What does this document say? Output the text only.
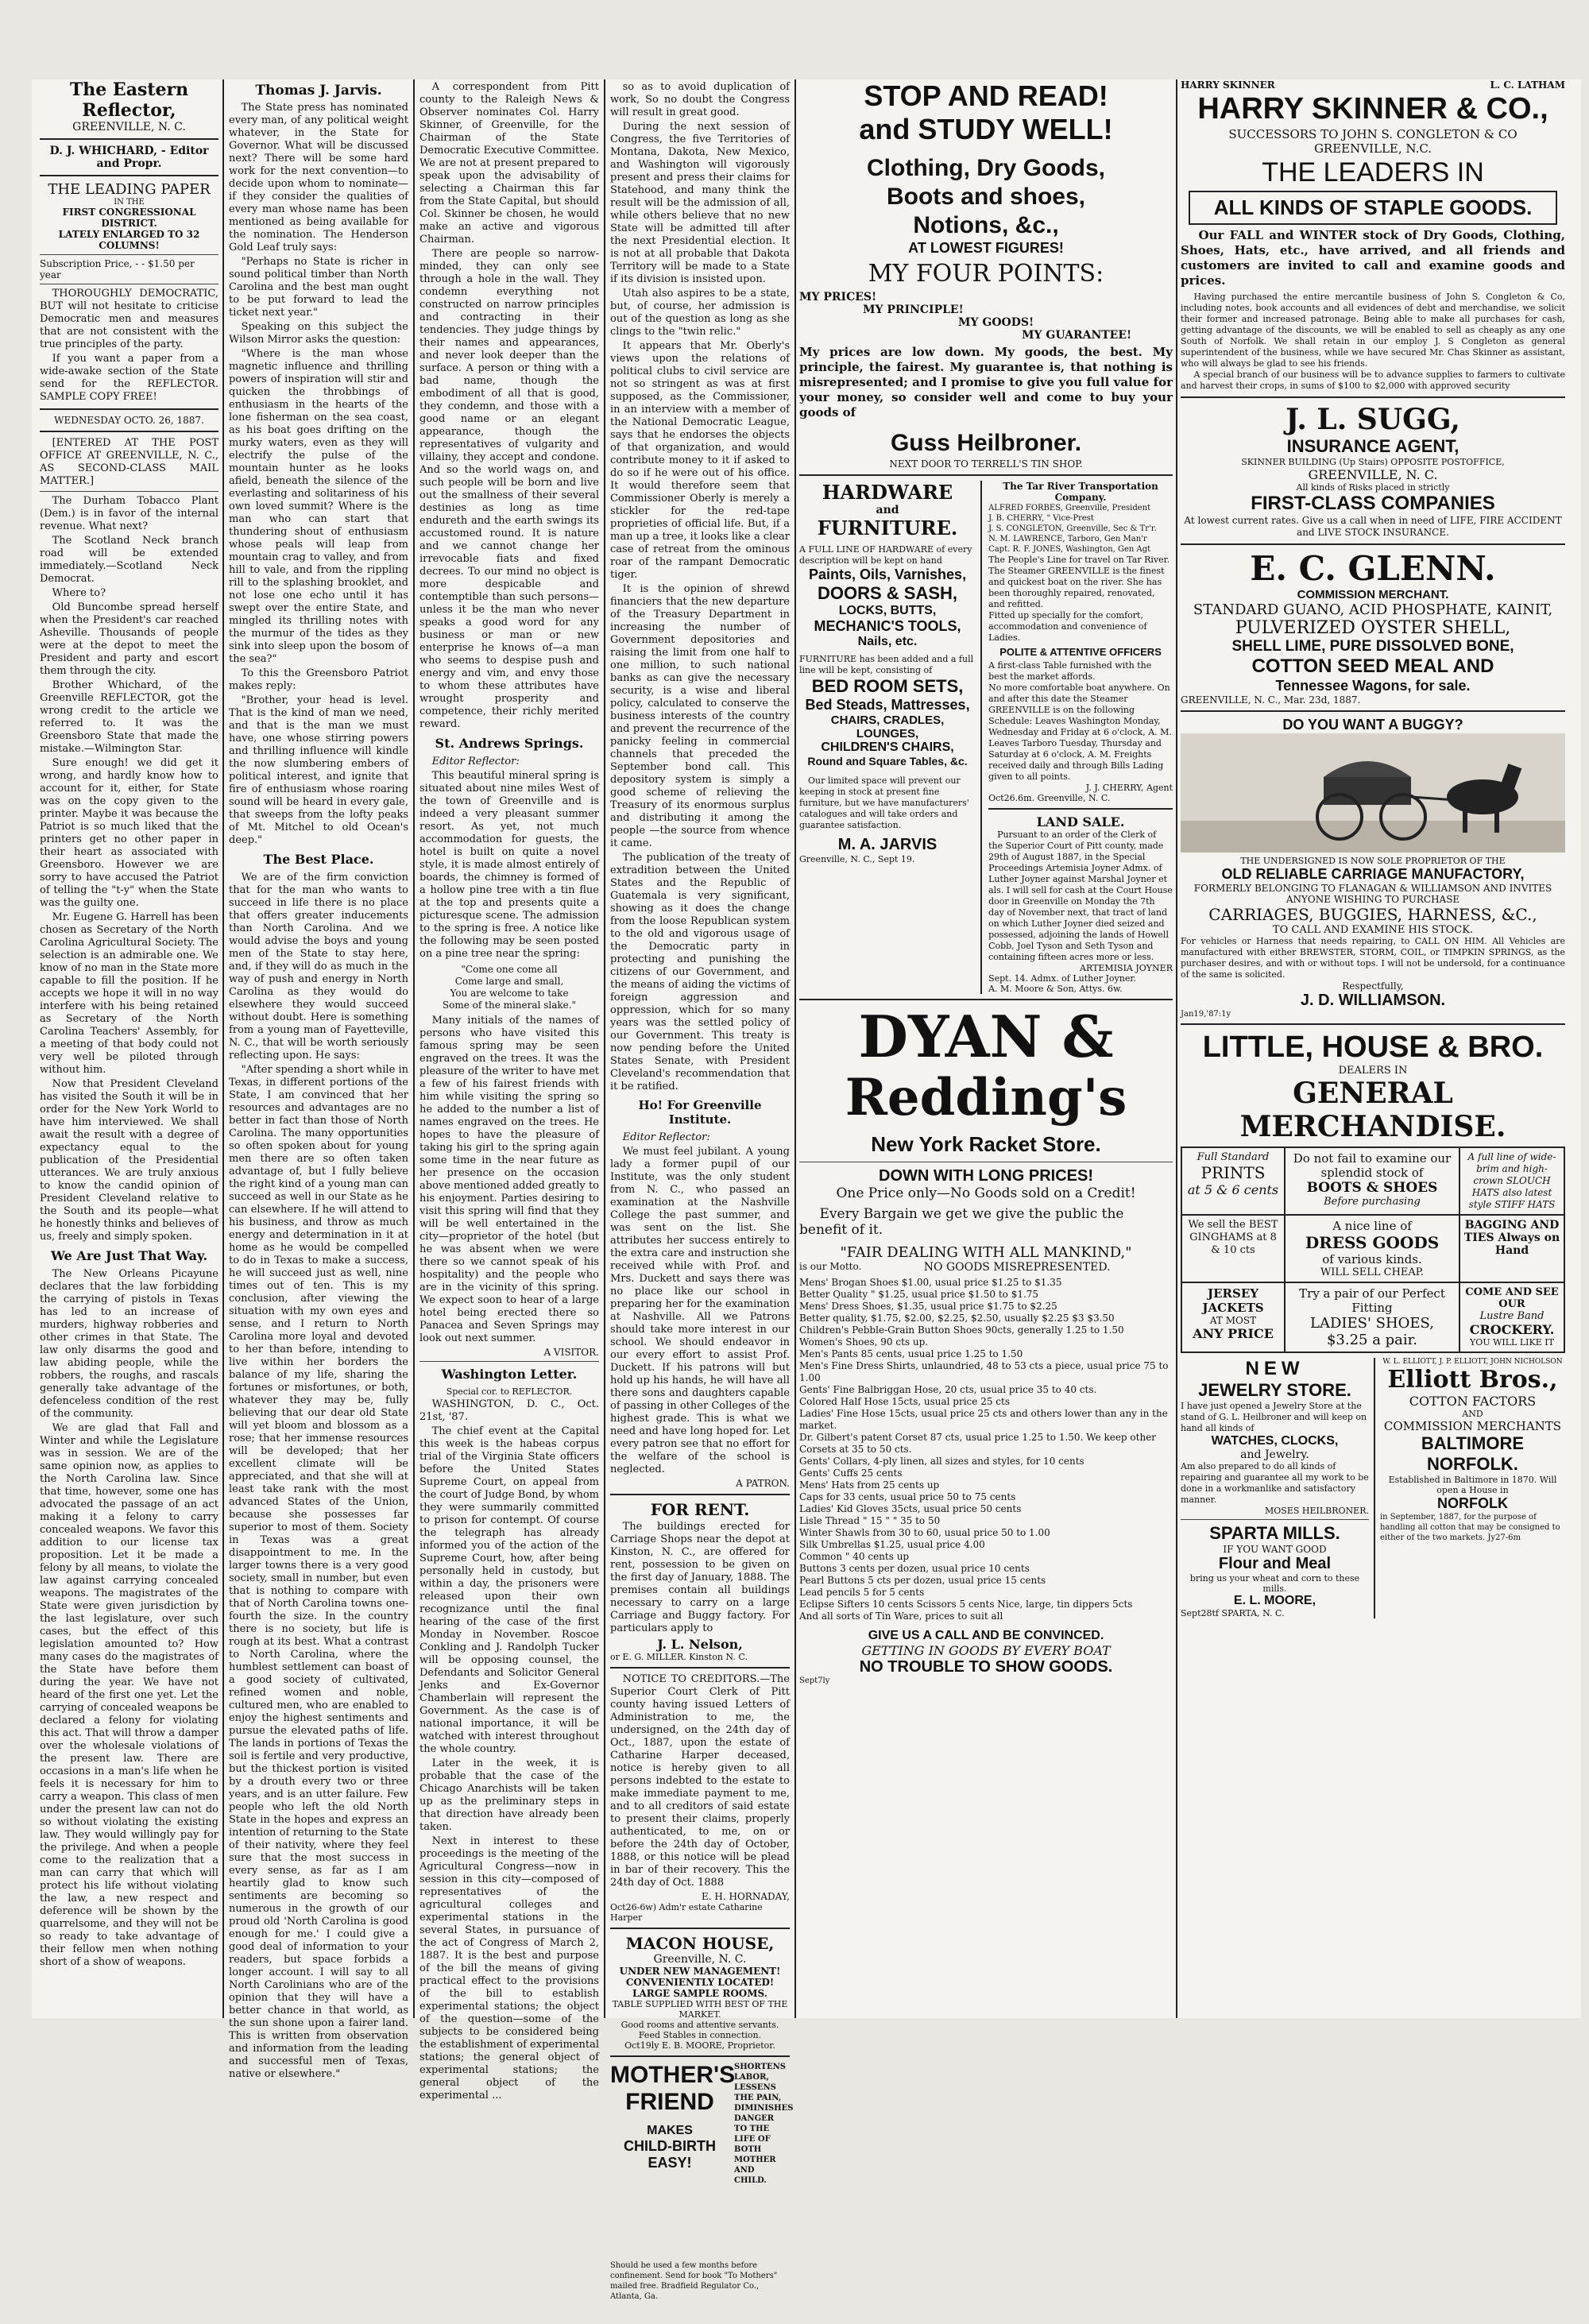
The Eastern Reflector,
GREENVILLE, N. C.
D. J. WHICHARD, - Editor and Propr.
THE LEADING PAPER
IN THE
FIRST CONGRESSIONAL DISTRICT.
LATELY ENLARGED TO 32 COLUMNS!
Subscription Price, - - $1.50 per year

THOROUGHLY DEMOCRATIC, BUT will not hesitate to criticise Democratic men and measures that are not consistent with the true principles of the party.

If you want a paper from a wide-awake section of the State send for the REFLECTOR. SAMPLE COPY FREE!

WEDNESDAY OCTO. 26, 1887.

[ENTERED AT THE POST OFFICE AT GREENVILLE, N. C., AS SECOND-CLASS MAIL MATTER.]

The Durham Tobacco Plant (Dem.) is in favor of the internal revenue. What next?

The Scotland Neck branch road will be extended immediately.—Scotland Neck Democrat.

Where to?

Old Buncombe spread herself when the President's car reached Asheville. Thousands of people were at the depot to meet the President and party and escort them through the city.

Brother Whichard, of the Greenville REFLECTOR, got the wrong credit to the article we referred to. It was the Greensboro State that made the mistake.—Wilmington Star.

Sure enough! we did get it wrong, and hardly know how to account for it, either, for State was on the copy given to the printer. Maybe it was because the Patriot is so much liked that the printers get no other paper in their heart as associated with Greensboro. However we are sorry to have accused the Patriot of telling the "t-y" when the State was the guilty one.

Mr. Eugene G. Harrell has been chosen as Secretary of the North Carolina Agricultural Society. The selection is an admirable one. We know of no man in the State more capable to fill the position. If he accepts we hope it will in no way interfere with his being retained as Secretary of the North Carolina Teachers' Assembly, for a meeting of that body could not very well be piloted through without him.

Now that President Cleveland has visited the South it will be in order for the New York World to have him interviewed. We shall await the result with a degree of expectancy equal to the publication of the Presidential utterances. We are truly anxious to know the candid opinion of President Cleveland relative to the South and its people—what he honestly thinks and believes of us, freely and simply spoken.

We Are Just That Way.

The New Orleans Picayune declares that the law forbidding the carrying of pistols in Texas has led to an increase of murders, highway robberies and other crimes in that State. The law only disarms the good and law abiding people, while the robbers, the roughs, and rascals generally take advantage of the defenceless condition of the rest of the community.

We are glad that Fall and Winter and while the Legislature was in session. We are of the same opinion now, as applies to the North Carolina law. Since that time, however, some one has advocated the passage of an act making it a felony to carry concealed weapons. We favor this addition to our license tax proposition. Let it be made a felony by all means, to violate the law against carrying concealed weapons. The magistrates of the State were given jurisdiction by the last legislature, over such cases, but the effect of this legislation amounted to? How many cases do the magistrates of the State have before them during the year. We have not heard of the first one yet. Let the carrying of concealed weapons be declared a felony for violating this act. That will throw a damper over the wholesale violations of the present law. There are occasions in a man's life when he feels it is necessary for him to carry a weapon. This class of men under the present law can not do so without violating the existing law. They would willingly pay for the privilege. And when a people come to the realization that a man can carry that which will protect his life without violating the law, a new respect and deference will be shown by the quarrelsome, and they will not be so ready to take advantage of their fellow men when nothing short of a show of weapons.

Thomas J. Jarvis.

The State press has nominated every man, of any political weight whatever, in the State for Governor. What will be discussed next? There will be some hard work for the next convention—to decide upon whom to nominate—if they consider the qualities of every man whose name has been mentioned as being available for the nomination. The Henderson Gold Leaf truly says:

"Perhaps no State is richer in sound political timber than North Carolina and the best man ought to be put forward to lead the ticket next year."

Speaking on this subject the Wilson Mirror asks the question:

"Where is the man whose magnetic influence and thrilling powers of inspiration will stir and quicken the throbbings of enthusiasm in the hearts of the lone fisherman on the sea coast, as his boat goes drifting on the murky waters, even as they will electrify the pulse of the mountain hunter as he looks afield, beneath the silence of the everlasting and solitariness of his own loved summit? Where is the man who can start that thundering shout of enthusiasm whose peals will leap from mountain crag to valley, and from hill to vale, and from the rippling rill to the splashing brooklet, and not lose one echo until it has swept over the entire State, and mingled its thrilling notes with the murmur of the tides as they sink into sleep upon the bosom of the sea?"

To this the Greensboro Patriot makes reply:

"Brother, your head is level. That is the kind of man we need, and that is the man we must have, one whose stirring powers and thrilling influence will kindle the now slumbering embers of political interest, and ignite that fire of enthusiasm whose roaring sound will be heard in every gale, that sweeps from the lofty peaks of Mt. Mitchel to old Ocean's deep."

The Best Place.

We are of the firm conviction that for the man who wants to succeed in life there is no place that offers greater inducements than North Carolina. And we would advise the boys and young men of the State to stay here, and, if they will do as much in the way of push and energy in North Carolina as they would do elsewhere they would succeed without doubt. Here is something from a young man of Fayetteville, N. C., that will be worth seriously reflecting upon. He says:

"After spending a short while in Texas, in different portions of the State, I am convinced that her resources and advantages are no better in fact than those of North Carolina. The many opportunities so often spoken about for young men there are so often taken advantage of, but I fully believe the right kind of a young man can succeed as well in our State as he can elsewhere. If he will attend to his business, and throw as much energy and determination in it at home as he would be compelled to do in Texas to make a success, he will succeed just as well, nine times out of ten. This is my conclusion, after viewing the situation with my own eyes and sense, and I return to North Carolina more loyal and devoted to her than before, intending to live within her borders the balance of my life, sharing the fortunes or misfortunes, or both, whatever they may be, fully believing that our dear old State will yet bloom and blossom as a rose; that her immense resources will be developed; that her excellent climate will be appreciated, and that she will at least take rank with the most advanced States of the Union, because she possesses far superior to most of them. Society in Texas was a great disappointment to me. In the larger towns there is a very good society, small in number, but even that is nothing to compare with that of North Carolina towns one-fourth the size. In the country there is no society, but life is rough at its best. What a contrast to North Carolina, where the humblest settlement can boast of a good society of cultivated, refined women and noble, cultured men, who are enabled to enjoy the highest sentiments and pursue the elevated paths of life. The lands in portions of Texas the soil is fertile and very productive, but the thickest portion is visited by a drouth every two or three years, and is an utter failure. Few people who left the old North State in the hopes and express an intention of returning to the State of their nativity, where they feel sure that the most success in every sense, as far as I am heartily glad to know such sentiments are becoming so numerous in the growth of our proud old 'North Carolina is good enough for me.' I could give a good deal of information to your readers, but space forbids a longer account. I will say to all North Carolinians who are of the opinion that they will have a better chance in that world, as the sun shone upon a fairer land. This is written from observation and information from the leading and successful men of Texas, native or elsewhere."

A correspondent from Pitt county to the Raleigh News & Observer nominates Col. Harry Skinner, of Greenville, for the Chairman of the State Democratic Executive Committee. We are not at present prepared to speak upon the advisability of selecting a Chairman this far from the State Capital, but should Col. Skinner be chosen, he would make an active and vigorous Chairman.

There are people so narrow-minded, they can only see through a hole in the wall. They condemn everything not constructed on narrow principles and contracting in their tendencies. They judge things by their names and appearances, and never look deeper than the surface. A person or thing with a bad name, though the embodiment of all that is good, they condemn, and those with a good name or an elegant appearance, though the representatives of vulgarity and villainy, they accept and condone. And so the world wags on, and such people will be born and live out the smallness of their several destinies as long as time endureth and the earth swings its accustomed round. It is nature and we cannot change her irrevocable fiats and fixed decrees. To our mind no object is more despicable and contemptible than such persons—unless it be the man who never speaks a good word for any business or man or new enterprise he knows of—a man who seems to despise push and energy and vim, and envy those to whom these attributes have wrought prosperity and competence, their richly merited reward.

St. Andrews Springs.

Editor Reflector:

This beautiful mineral spring is situated about nine miles West of the town of Greenville and is indeed a very pleasant summer resort. As yet, not much accommodation for guests, the hotel is built on quite a novel style, it is made almost entirely of boards, the chimney is formed of a hollow pine tree with a tin flue at the top and presents quite a picturesque scene. The admission to the spring is free. A notice like the following may be seen posted on a pine tree near the spring:

"Come one come all
Come large and small,
You are welcome to take
Some of the mineral slake."

Many initials of the names of persons who have visited this famous spring may be seen engraved on the trees. It was the pleasure of the writer to have met a few of his fairest friends with him while visiting the spring so he added to the number a list of names engraved on the trees. He hopes to have the pleasure of taking his girl to the spring again some time in the near future as her presence on the occasion above mentioned added greatly to his enjoyment. Parties desiring to visit this spring will find that they will be well entertained in the city—proprietor of the hotel (but he was absent when we were there so we cannot speak of his hospitality) and the people who are in the vicinity of this spring. We expect soon to hear of a large hotel being erected there so Panacea and Seven Springs may look out next summer.

A VISITOR.
Washington Letter.
Special cor. to REFLECTOR.

WASHINGTON, D. C., Oct. 21st, '87.

The chief event at the Capital this week is the habeas corpus trial of the Virginia State officers before the United States Supreme Court, on appeal from the court of Judge Bond, by whom they were summarily committed to prison for contempt. Of course the telegraph has already informed you of the action of the Supreme Court, how, after being personally held in custody, but within a day, the prisoners were released upon their own recognizance until the final hearing of the case of the first Monday in November. Roscoe Conkling and J. Randolph Tucker will be opposing counsel, the Defendants and Solicitor General Jenks and Ex-Governor Chamberlain will represent the Government. As the case is of national importance, it will be watched with interest throughout the whole country.

Later in the week, it is probable that the case of the Chicago Anarchists will be taken up as the preliminary steps in that direction have already been taken.

Next in interest to these proceedings is the meeting of the Agricultural Congress—now in session in this city—composed of representatives of the agricultural colleges and experimental stations in the several States, in pursuance of the act of Congress of March 2, 1887. It is the best and purpose of the bill the means of giving practical effect to the provisions of the bill to establish experimental stations; the object of the question—some of the subjects to be considered being the establishment of experimental stations; the general object of experimental stations; the general object of the experimental ...

so as to avoid duplication of work, So no doubt the Congress will result in great good.

During the next session of Congress, the five Territories of Montana, Dakota, New Mexico, and Washington will vigorously present and press their claims for Statehood, and many think the result will be the admission of all, while others believe that no new State will be admitted till after the next Presidential election. It is not at all probable that Dakota Territory will be made to a State if its division is insisted upon.

Utah also aspires to be a state, but, of course, her admission is out of the question as long as she clings to the "twin relic."

It appears that Mr. Oberly's views upon the relations of political clubs to civil service are not so stringent as was at first supposed, as the Commissioner, in an interview with a member of the National Democratic League, says that he endorses the objects of that organization, and would contribute money to it if asked to do so if he were out of his office. It would therefore seem that Commissioner Oberly is merely a stickler for the red-tape proprieties of official life. But, if a man up a tree, it looks like a clear case of retreat from the ominous roar of the rampant Democratic tiger.

It is the opinion of shrewd financiers that the new departure of the Treasury Department in increasing the number of Government depositories and raising the limit from one half to one million, to such national banks as can give the necessary security, is a wise and liberal policy, calculated to conserve the business interests of the country and prevent the recurrence of the panicky feeling in commercial channels that preceded the September bond call. This depository system is simply a good scheme of relieving the Treasury of its enormous surplus and distributing it among the people —the source from whence it came.

The publication of the treaty of extradition between the United States and the Republic of Guatemala is very significant, showing as it does the change from the loose Republican system to the old and vigorous usage of the Democratic party in protecting and punishing the citizens of our Government, and the means of aiding the victims of foreign aggression and oppression, which for so many years was the settled policy of our Government. This treaty is now pending before the United States Senate, with President Cleveland's recommendation that it be ratified.

Ho! For Greenville Institute.

Editor Reflector:

We must feel jubilant. A young lady a former pupil of our Institute, was the only student from N. C., who passed an examination at the Nashville College the past summer, and was sent on the list. She attributes her success entirely to the extra care and instruction she received while with Prof. and Mrs. Duckett and says there was no place like our school in preparing her for the examination at Nashville. All we Patrons should take more interest in our school. We should endeavor in our every effort to assist Prof. Duckett. If his patrons will but hold up his hands, he will have all there sons and daughters capable of passing in other Colleges of the highest grade. This is what we need and have long hoped for. Let every patron see that no effort for the welfare of the school is neglected.

A PATRON.
FOR RENT.

The buildings erected for Carriage Shops near the depot at Kinston, N. C., are offered for rent, possession to be given on the first day of January, 1888. The premises contain all buildings necessary to carry on a large Carriage and Buggy factory. For particulars apply to

J. L. Nelson,
or E. G. MILLER. Kinston N. C.

NOTICE TO CREDITORS.—The Superior Court Clerk of Pitt county having issued Letters of Administration to me, the undersigned, on the 24th day of Oct., 1887, upon the estate of Catharine Harper deceased, notice is hereby given to all persons indebted to the estate to make immediate payment to me, and to all creditors of said estate to present their claims, properly authenticated, to me, on or before the 24th day of October, 1888, or this notice will be plead in bar of their recovery. This the 24th day of Oct. 1888

E. H. HORNADAY,
Oct26-6w) Adm'r estate Catharine Harper
MACON HOUSE,
Greenville, N. C.
UNDER NEW MANAGEMENT!
CONVENIENTLY LOCATED!
LARGE SAMPLE ROOMS.
TABLE SUPPLIED WITH BEST OF THE MARKET.
Good rooms and attentive servants.
Feed Stables in connection.
Oct19ly E. B. MOORE, Proprietor.
MOTHER'S
FRIEND
MAKES
CHILD-BIRTH
EASY!
SHORTENS LABOR, LESSENS THE PAIN, DIMINISHES DANGER TO THE LIFE OF BOTH MOTHER AND CHILD.
Should be used a few months before confinement. Send for book "To Mothers" mailed free. Bradfield Regulator Co., Atlanta, Ga.
STOP AND READ!
and STUDY WELL!
Clothing, Dry Goods,
Boots and shoes,
Notions, &c.,
AT LOWEST FIGURES!
MY FOUR POINTS:
MY PRICES!
MY PRINCIPLE!
MY GOODS!
MY GUARANTEE!
My prices are low down. My goods, the best. My principle, the fairest. My guarantee is, that nothing is misrepresented; and I promise to give you full value for your money, so consider well and come to buy your goods of
Guss Heilbroner.
NEXT DOOR TO TERRELL'S TIN SHOP.
HARDWARE
and
FURNITURE.
A FULL LINE OF HARDWARE of every description will be kept on hand
Paints, Oils, Varnishes,
DOORS & SASH,
LOCKS, BUTTS,
MECHANIC'S TOOLS,
Nails, etc.
FURNITURE has been added and a full line will be kept, consisting of
BED ROOM SETS,
Bed Steads, Mattresses,
CHAIRS, CRADLES, LOUNGES,
CHILDREN'S CHAIRS,
Round and Square Tables, &c.
Our limited space will prevent our keeping in stock at present fine furniture, but we have manufacturers' catalogues and will take orders and guarantee satisfaction.
M. A. JARVIS
Greenville, N. C., Sept 19.
The Tar River Transportation Company.
ALFRED FORBES, Greenville, President
J. B. CHERRY, " Vice-Prest
J. S. CONGLETON, Greenville, Sec & Tr'r.
N. M. LAWRENCE, Tarboro, Gen Man'r
Capt. R. F. JONES, Washington, Gen Agt
The People's Line for travel on Tar River.
The Steamer GREENVILLE is the finest and quickest boat on the river. She has been thoroughly repaired, renovated, and refitted.
Fitted up specially for the comfort, accommodation and convenience of Ladies.
POLITE & ATTENTIVE OFFICERS
A first-class Table furnished with the best the market affords.
No more comfortable boat anywhere. On and after this date the Steamer GREENVILLE is on the following Schedule: Leaves Washington Monday, Wednesday and Friday at 6 o'clock, A. M. Leaves Tarboro Tuesday, Thursday and Saturday at 6 o'clock, A. M. Freights received daily and through Bills Lading given to all points.
J. J. CHERRY, Agent
Oct26.6m. Greenville, N. C.
LAND SALE.
Pursuant to an order of the Clerk of the Superior Court of Pitt county, made 29th of August 1887, in the Special Proceedings Artemisia Joyner Admx. of Luther Joyner against Marshal Joyner et als. I will sell for cash at the Court House door in Greenville on Monday the 7th day of November next, that tract of land on which Luther Joyner died seized and possessed, adjoining the lands of Howell Cobb, Joel Tyson and Seth Tyson and containing fifteen acres more or less.
ARTEMISIA JOYNER
Sept. 14. Admx. of Luther Joyner.
A. M. Moore & Son, Attys. 6w.
DYAN &
Redding's
New York Racket Store.
DOWN WITH LONG PRICES!
One Price only—No Goods sold on a Credit!
Every Bargain we get we give the public the benefit of it.
"FAIR DEALING WITH ALL MANKIND,"
is our Motto.	NO GOODS MISREPRESENTED.
Mens' Brogan Shoes $1.00, usual price $1.25 to $1.35
Better Quality " $1.25, usual price $1.50 to $1.75
Mens' Dress Shoes, $1.35, usual price $1.75 to $2.25
Better quality, $1.75, $2.00, $2.25, $2.50, usually $2.25 $3 $3.50
Children's Pebble-Grain Button Shoes 90cts, generally 1.25 to 1.50
Women's Shoes, 90 cts up.
Men's Pants 85 cents, usual price 1.25 to 1.50
Men's Fine Dress Shirts, unlaundried, 48 to 53 cts a piece, usual price 75 to 1.00
Gents' Fine Balbriggan Hose, 20 cts, usual price 35 to 40 cts.
Colored Half Hose 15cts, usual price 25 cts
Ladies' Fine Hose 15cts, usual price 25 cts and others lower than any in the market.
Dr. Gilbert's patent Corset 87 cts, usual price 1.25 to 1.50. We keep other Corsets at 35 to 50 cts.
Gents' Collars, 4-ply linen, all sizes and styles, for 10 cents
Gents' Cuffs 25 cents
Mens' Hats from 25 cents up
Caps for 33 cents, usual price 50 to 75 cents
Ladies' Kid Gloves 35cts, usual price 50 cents
Lisle Thread " 15 " " 35 to 50
Winter Shawls from 30 to 60, usual price 50 to 1.00
Silk Umbrellas $1.25, usual price 4.00
Common " 40 cents up
Buttons 3 cents per dozen, usual price 10 cents
Pearl Buttons 5 cts per dozen, usual price 15 cents
Lead pencils 5 for 5 cents
Eclipse Sifters 10 cents Scissors 5 cents Nice, large, tin dippers 5cts
And all sorts of Tin Ware, prices to suit all
GIVE US A CALL AND BE CONVINCED.
GETTING IN GOODS BY EVERY BOAT
NO TROUBLE TO SHOW GOODS.
Sept7ly
HARRY SKINNER	L. C. LATHAM
HARRY SKINNER & CO.,
SUCCESSORS TO JOHN S. CONGLETON & CO
GREENVILLE, N.C.
THE LEADERS IN
ALL KINDS OF STAPLE GOODS.
Our FALL and WINTER stock of Dry Goods, Clothing, Shoes, Hats, etc., have arrived, and all friends and customers are invited to call and examine goods and prices.
Having purchased the entire mercantile business of John S. Congleton & Co, including notes, book accounts and all evidences of debt and merchandise, we solicit their former and increased patronage. Being able to make all purchases for cash, getting advantage of the discounts, we will be enabled to sell as cheaply as any one South of Norfolk. We shall retain in our employ J. S Congleton as general superintendent of the business, while we have secured Mr. Chas Skinner as assistant, who will always be glad to see his friends.
A special branch of our business will be to advance supplies to farmers to cultivate and harvest their crops, in sums of $100 to $2,000 with approved security
J. L. SUGG,
INSURANCE AGENT,
SKINNER BUILDING (Up Stairs) OPPOSITE POSTOFFICE,
GREENVILLE, N. C.
All kinds of Risks placed in strictly
FIRST-CLASS COMPANIES
At lowest current rates. Give us a call when in need of LIFE, FIRE ACCIDENT and LIVE STOCK INSURANCE.
E. C. GLENN.
COMMISSION MERCHANT.
STANDARD GUANO, ACID PHOSPHATE, KAINIT,
PULVERIZED OYSTER SHELL,
SHELL LIME, PURE DISSOLVED BONE,
COTTON SEED MEAL AND
Tennessee Wagons, for sale.
GREENVILLE, N. C., Mar. 23d, 1887.
DO YOU WANT A BUGGY?
THE UNDERSIGNED IS NOW SOLE PROPRIETOR OF THE
OLD RELIABLE CARRIAGE MANUFACTORY,
FORMERLY BELONGING TO FLANAGAN & WILLIAMSON AND INVITES ANYONE WISHING TO PURCHASE
CARRIAGES, BUGGIES, HARNESS, &C.,
TO CALL AND EXAMINE HIS STOCK.
For vehicles or Harness that needs repairing, to CALL ON HIM. All Vehicles are manufactured with either BREWSTER, STORM, COIL, or TIMPKIN SPRINGS, as the purchaser desires, and with or without tops. I will not be undersold, for a continuance of the same is solicited.
Respectfully,
J. D. WILLIAMSON.
Jan19,'87:1y
LITTLE, HOUSE & BRO.
DEALERS IN
GENERAL MERCHANDISE.
Full Standard
PRINTS
at 5 & 6 cents
Do not fail to examine our splendid stock of
BOOTS & SHOES
Before purchasing
A full line of wide-brim and high-crown SLOUCH HATS also latest style STIFF HATS
We sell the BEST GINGHAMS at 8 & 10 cts
A nice line of
DRESS GOODS
of various kinds.
WILL SELL CHEAP.
BAGGING AND TIES Always on Hand
JERSEY JACKETS
AT MOST
ANY PRICE
Try a pair of our Perfect Fitting
LADIES' SHOES,
$3.25 a pair.
COME AND SEE OUR
Lustre Band
CROCKERY.
YOU WILL LIKE IT
NEW
JEWELRY STORE.
I have just opened a Jewelry Store at the stand of G. L. Heilbroner and will keep on hand all kinds of
WATCHES, CLOCKS,
and Jewelry.
Am also prepared to do all kinds of repairing and guarantee all my work to be done in a workmanlike and satisfactory manner.
MOSES HEILBRONER.
SPARTA MILLS.
IF YOU WANT GOOD
Flour and Meal
bring us your wheat and corn to these mills.
E. L. MOORE,
Sept28tf SPARTA, N. C.
W. L. ELLIOTT, J. P. ELLIOTT, JOHN NICHOLSON
Elliott Bros.,
COTTON FACTORS
AND
COMMISSION MERCHANTS
BALTIMORE
NORFOLK.
Established in Baltimore in 1870. Will open a House in
NORFOLK
in September, 1887, for the purpose of handling all cotton that may be consigned to either of the two markets. Jy27-6m
